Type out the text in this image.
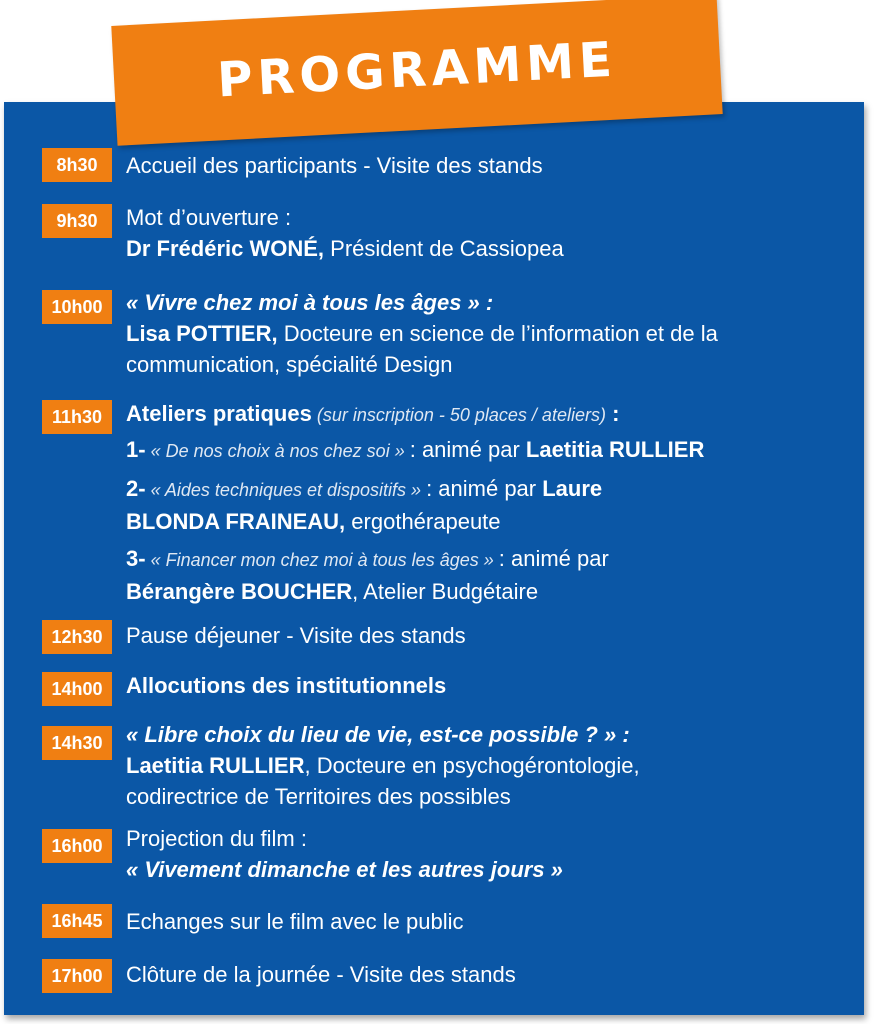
PROGRAMME
8h30	Accueil des participants - Visite des stands
9h30	Mot d’ouverture :
Dr Frédéric WONÉ, Président de Cassiopea
10h00	« Vivre chez moi à tous les âges » :
Lisa POTTIER, Docteure en science de l’information et de la
communication, spécialité Design
11h30	Ateliers pratiques (sur inscription - 50 places / ateliers) :
1- « De nos choix à nos chez soi » : animé par Laetitia RULLIER
2- « Aides techniques et dispositifs » : animé par Laure
BLONDA FRAINEAU, ergothérapeute
3- « Financer mon chez moi à tous les âges » : animé par
Bérangère BOUCHER, Atelier Budgétaire
12h30	Pause déjeuner - Visite des stands
14h00	Allocutions des institutionnels
14h30	« Libre choix du lieu de vie, est-ce possible ? » :
Laetitia RULLIER, Docteure en psychogérontologie,
codirectrice de Territoires des possibles
16h00	Projection du film :
« Vivement dimanche et les autres jours »
16h45	Echanges sur le film avec le public
17h00	Clôture de la journée - Visite des stands
